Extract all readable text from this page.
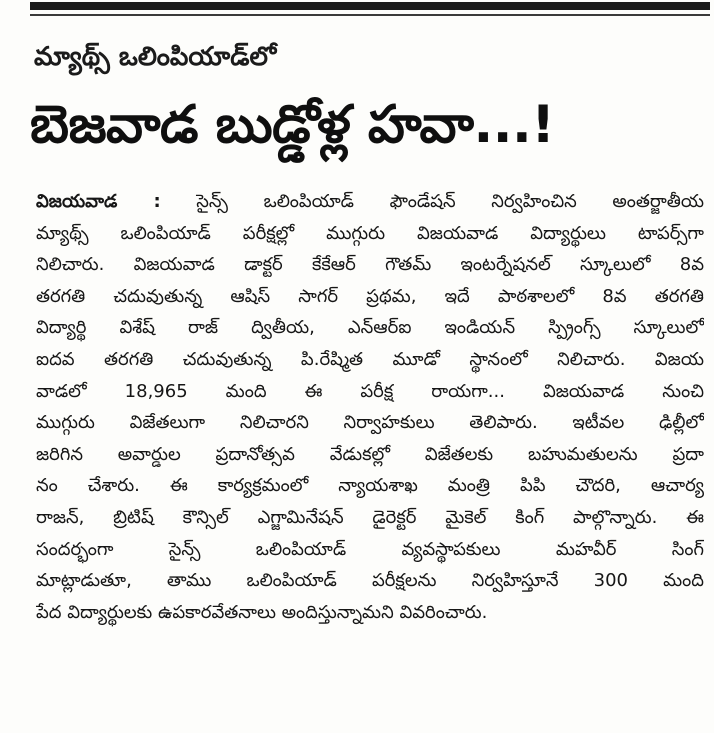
మ్యాథ్స్ ఒలింపియాడ్‌లో
బెజవాడ బుడ్డోళ్ల హవా...!
విజయవాడ : సైన్స్ ఒలింపియాడ్ ఫౌండేషన్ నిర్వహించిన అంతర్జాతీయ
మ్యాథ్స్ ఒలింపియాడ్ పరీక్షల్లో ముగ్గురు విజయవాడ విద్యార్థులు టాపర్స్‌గా
నిలిచారు. విజయవాడ డాక్టర్ కేకేఆర్ గౌతమ్ ఇంటర్నేషనల్ స్కూలులో 8వ
తరగతి చదువుతున్న ఆషిస్ సాగర్ ప్రథమ, ఇదే పాఠశాలలో 8వ తరగతి
విద్యార్థి విశేష్ రాజ్ ద్వితీయ, ఎన్ఆర్ఐ ఇండియన్ స్ప్రింగ్స్ స్కూలులో
ఐదవ తరగతి చదువుతున్న పి.రేష్మిత మూడో స్థానంలో నిలిచారు. విజయ
వాడలో 18,965 మంది ఈ పరీక్ష రాయగా... విజయవాడ నుంచి
ముగ్గురు విజేతలుగా నిలిచారని నిర్వాహకులు తెలిపారు. ఇటీవల ఢిల్లీలో
జరిగిన అవార్డుల ప్రదానోత్సవ వేడుకల్లో విజేతలకు బహుమతులను ప్రదా
నం చేశారు. ఈ కార్యక్రమంలో న్యాయశాఖ మంత్రి పిపి చౌదరి, ఆచార్య
రాజన్, బ్రిటిష్ కౌన్సిల్ ఎగ్జామినేషన్ డైరెక్టర్ మైకెల్ కింగ్ పాల్గొన్నారు. ఈ
సందర్భంగా సైన్స్ ఒలింపియాడ్ వ్యవస్థాపకులు మహవీర్ సింగ్
మాట్లాడుతూ, తాము ఒలింపియాడ్ పరీక్షలను నిర్వహిస్తూనే 300 మంది
పేద విద్యార్థులకు ఉపకారవేతనాలు అందిస్తున్నామని వివరించారు.
